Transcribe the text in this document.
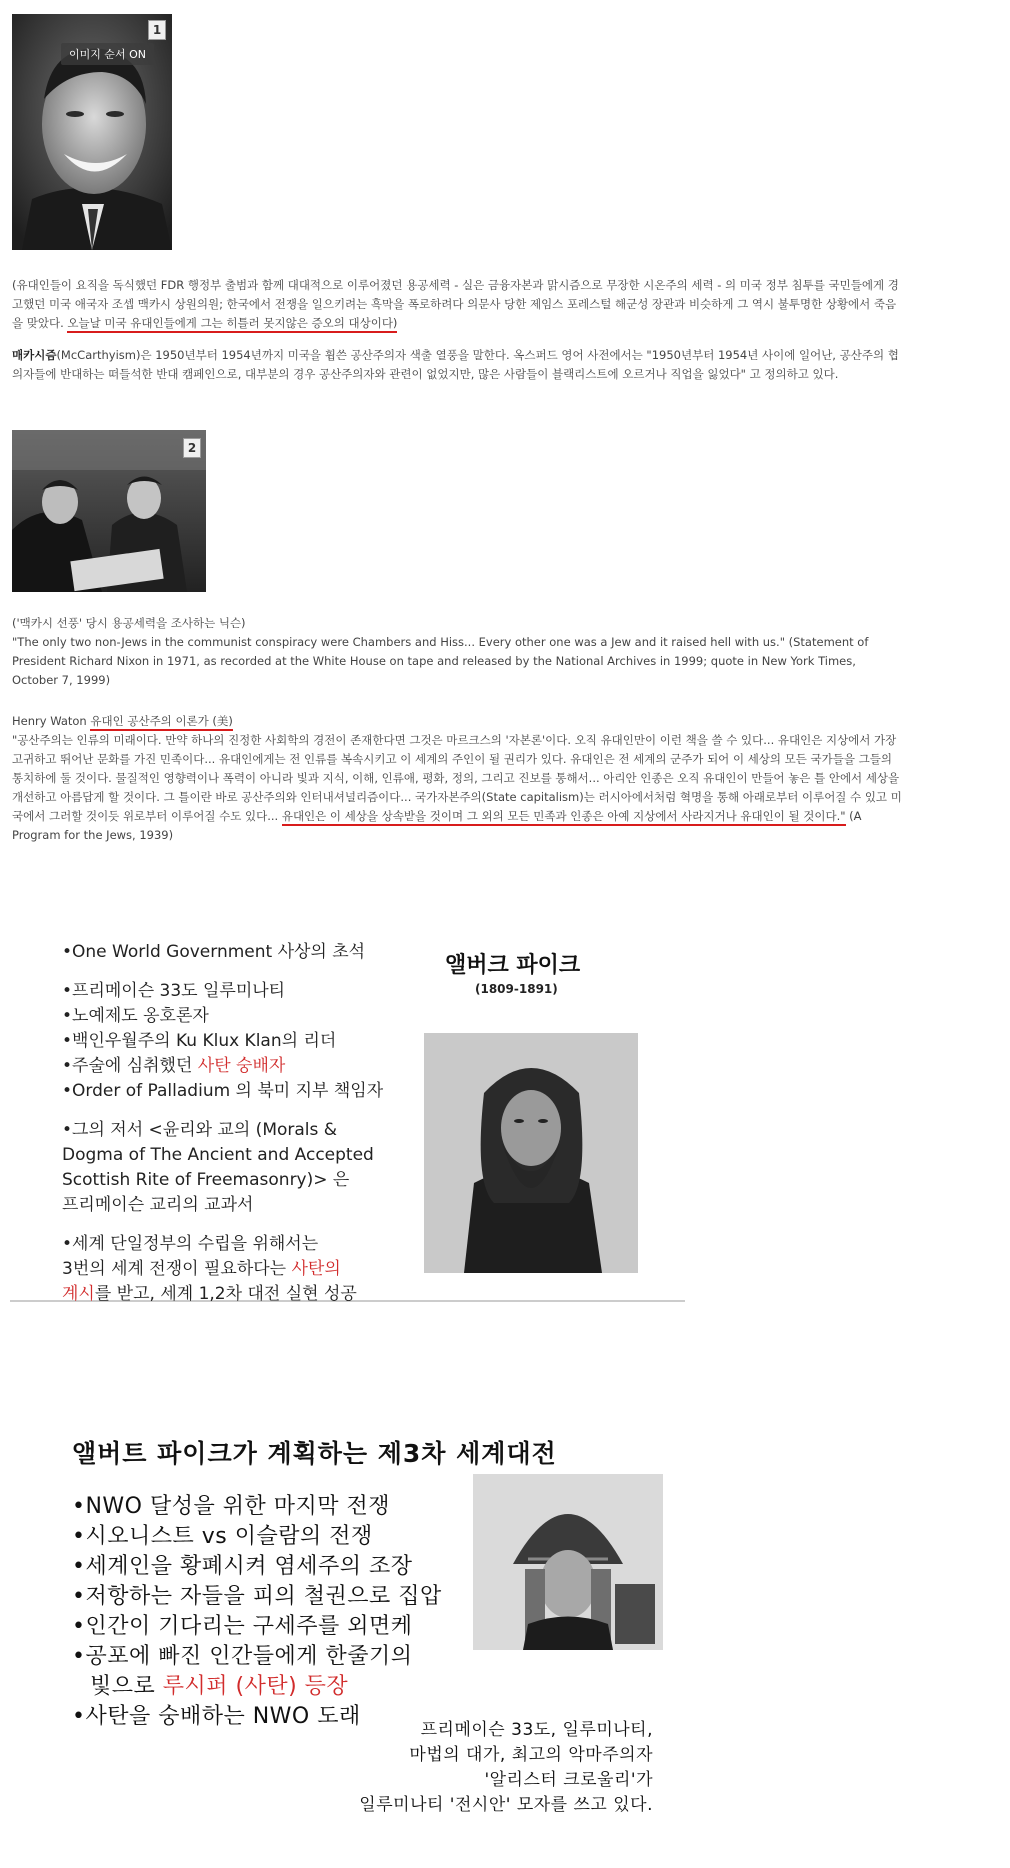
1
이미지 순서 ON
(유대인들이 요직을 독식했던 FDR 행정부 출범과 함께 대대적으로 이루어졌던 용공세력 - 실은 금융자본과 맑시즘으로 무장한 시온주의 세력 - 의 미국 정부 침투를 국민들에게 경고했던 미국 애국자 조셉 맥카시 상원의원; 한국에서 전쟁을 일으키려는 흑막을 폭로하려다 의문사 당한 제임스 포레스털 해군성 장관과 비슷하게 그 역시 불투명한 상황에서 죽음을 맞았다. 오늘날 미국 유대인들에게 그는 히틀러 못지않은 증오의 대상이다)
매카시즘(McCarthyism)은 1950년부터 1954년까지 미국을 휩쓴 공산주의자 색출 열풍을 말한다. 옥스퍼드 영어 사전에서는 "1950년부터 1954년 사이에 일어난, 공산주의 협의자들에 반대하는 떠들석한 반대 캠페인으로, 대부분의 경우 공산주의자와 관련이 없었지만, 많은 사람들이 블랙리스트에 오르거나 직업을 잃었다" 고 정의하고 있다.
2
('맥카시 선풍' 당시 용공세력을 조사하는 닉슨)
"The only two non-Jews in the communist conspiracy were Chambers and Hiss... Every other one was a Jew and it raised hell with us." (Statement of President Richard Nixon in 1971, as recorded at the White House on tape and released by the National Archives in 1999; quote in New York Times, October 7, 1999)
Henry Waton 유대인 공산주의 이론가 (美)
"공산주의는 인류의 미래이다. 만약 하나의 진정한 사회학의 경전이 존재한다면 그것은 마르크스의 '자본론'이다. 오직 유대인만이 이런 책을 쓸 수 있다... 유대인은 지상에서 가장 고귀하고 뛰어난 문화를 가진 민족이다... 유대인에게는 전 인류를 복속시키고 이 세계의 주인이 될 권리가 있다. 유대인은 전 세계의 군주가 되어 이 세상의 모든 국가들을 그들의 통치하에 둘 것이다. 물질적인 영향력이나 폭력이 아니라 빛과 지식, 이해, 인류애, 평화, 정의, 그리고 진보를 통해서... 아리안 인종은 오직 유대인이 만들어 놓은 틀 안에서 세상을 개선하고 아름답게 할 것이다. 그 틀이란 바로 공산주의와 인터내셔널리즘이다... 국가자본주의(State capitalism)는 러시아에서처럼 혁명을 통해 아래로부터 이루어질 수 있고 미국에서 그러할 것이듯 위로부터 이루어질 수도 있다... 유대인은 이 세상을 상속받을 것이며 그 외의 모든 민족과 인종은 아예 지상에서 사라지거나 유대인이 될 것이다." (A Program for the Jews, 1939)
•One World Government 사상의 초석
•프리메이슨 33도 일루미나티
•노예제도 옹호론자
•백인우월주의 Ku Klux Klan의 리더
•주술에 심취했던 사탄 숭배자
•Order of Palladium 의 북미 지부 책임자
•그의 저서 <윤리와 교의 (Morals &
Dogma of The Ancient and Accepted
Scottish Rite of Freemasonry)> 은
프리메이슨 교리의 교과서
•세계 단일정부의 수립을 위해서는
3번의 세계 전쟁이 필요하다는 사탄의
계시를 받고, 세계 1,2차 대전 실현 성공
앨버크 파이크
(1809-1891)
앨버트 파이크가 계획하는 제3차 세계대전
•NWO 달성을 위한 마지막 전쟁
•시오니스트 vs 이슬람의 전쟁
•세계인을 황폐시켜 염세주의 조장
•저항하는 자들을 피의 철권으로 집압
•인간이 기다리는 구세주를 외면케
•공포에 빠진 인간들에게 한줄기의
빛으로 루시퍼 (사탄) 등장
•사탄을 숭배하는 NWO 도래
프리메이슨 33도, 일루미나티,
마법의 대가, 최고의 악마주의자
'알리스터 크로울리'가
일루미나티 '전시안' 모자를 쓰고 있다.
